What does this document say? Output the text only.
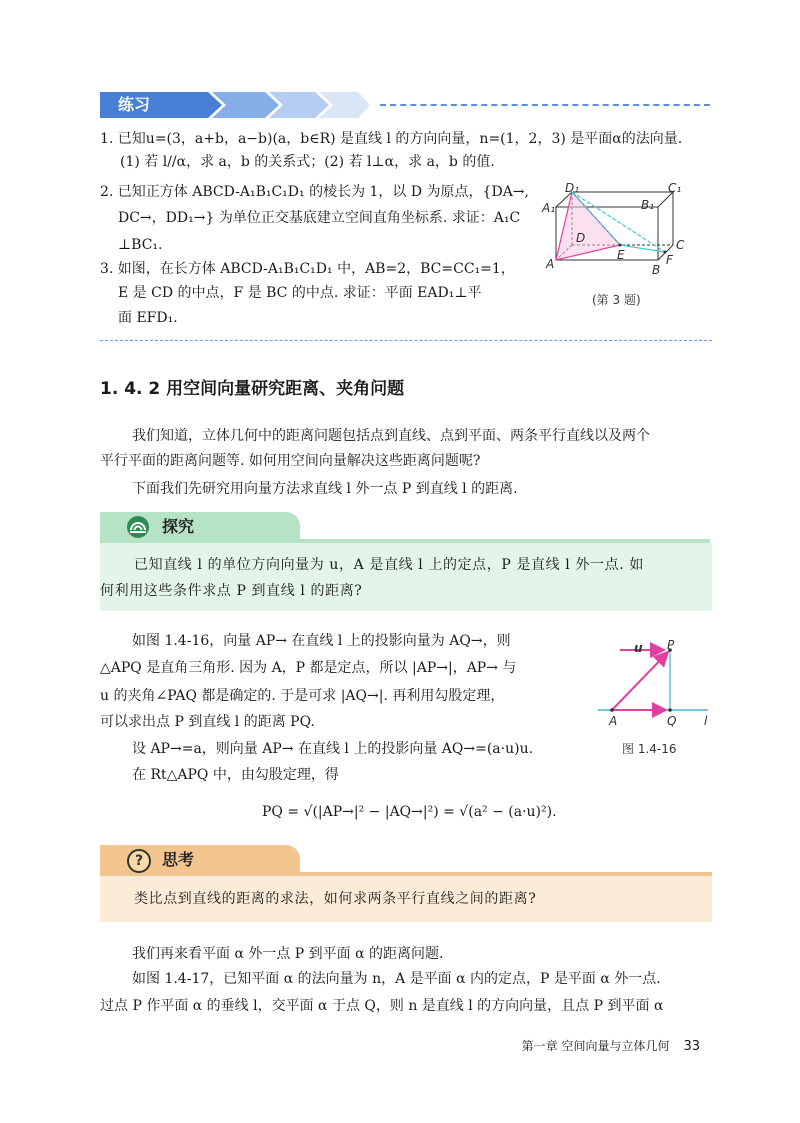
练习
1. 已知u=(3，a+b，a−b)(a，b∈R) 是直线 l 的方向向量，n=(1，2，3) 是平面α的法向量.
(1) 若 l//α，求 a，b 的关系式；(2) 若 l⊥α，求 a，b 的值.
2. 已知正方体 ABCD-A₁B₁C₁D₁ 的棱长为 1，以 D 为原点，{DA→,
DC→，DD₁→} 为单位正交基底建立空间直角坐标系. 求证：A₁C
⊥BC₁.
3. 如图，在长方体 ABCD-A₁B₁C₁D₁ 中，AB=2，BC=CC₁=1，
E 是 CD 的中点，F 是 BC 的中点. 求证：平面 EAD₁⊥平
面 EFD₁.
D₁	C₁
A₁	B₁
D	C
E	F
A	B
(第 3 题)
1. 4. 2 用空间向量研究距离、夹角问题
我们知道，立体几何中的距离问题包括点到直线、点到平面、两条平行直线以及两个
平行平面的距离问题等. 如何用空间向量解决这些距离问题呢?
下面我们先研究用向量方法求直线 l 外一点 P 到直线 l 的距离.
探究
已知直线 l 的单位方向向量为 u，A 是直线 l 上的定点，P 是直线 l 外一点. 如
何利用这些条件求点 P 到直线 l 的距离?
如图 1.4-16，向量 AP→ 在直线 l 上的投影向量为 AQ→，则
△APQ 是直角三角形. 因为 A，P 都是定点，所以 |AP→|，AP→ 与
u 的夹角∠PAQ 都是确定的. 于是可求 |AQ→|. 再利用勾股定理，
可以求出点 P 到直线 l 的距离 PQ.
设 AP→=a，则向量 AP→ 在直线 l 上的投影向量 AQ→=(a·u)u.
在 Rt△APQ 中，由勾股定理，得
PQ = √(|AP→|² − |AQ→|²) = √(a² − (a·u)²).
u P
A	Q l
图 1.4-16
?	思考
类比点到直线的距离的求法，如何求两条平行直线之间的距离?
我们再来看平面 α 外一点 P 到平面 α 的距离问题.
如图 1.4-17，已知平面 α 的法向量为 n，A 是平面 α 内的定点，P 是平面 α 外一点.
过点 P 作平面 α 的垂线 l，交平面 α 于点 Q，则 n 是直线 l 的方向向量，且点 P 到平面 α
第一章 空间向量与立体几何 33
